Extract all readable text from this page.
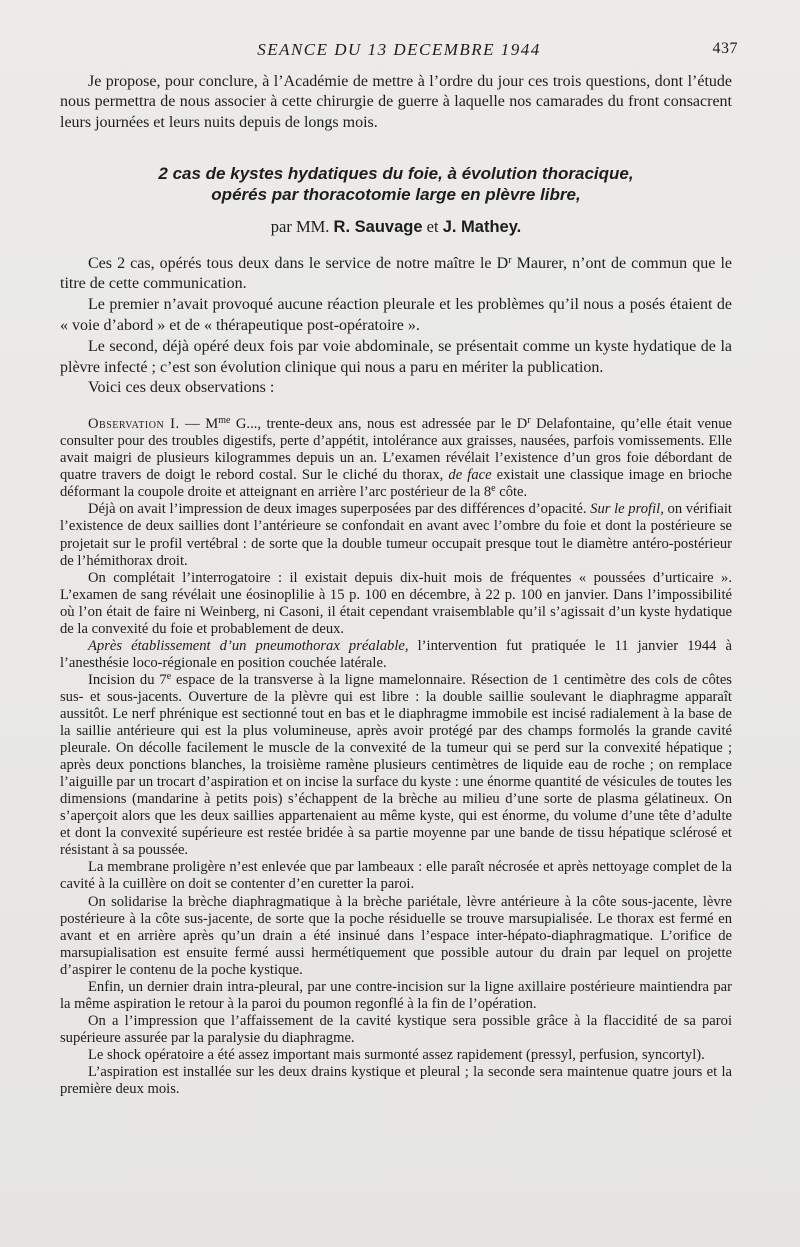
SEANCE DU 13 DECEMBRE 1944	437

Je propose, pour conclure, à l’Académie de mettre à l’ordre du jour ces trois questions, dont l’étude nous permettra de nous associer à cette chirurgie de guerre à laquelle nos camarades du front consacrent leurs journées et leurs nuits depuis de longs mois.

2 cas de kystes hydatiques du foie, à évolution thoracique,
opérés par thoracotomie large en plèvre libre,
par MM. R. Sauvage et J. Mathey.

Ces 2 cas, opérés tous deux dans le service de notre maître le $D^r$ Maurer, n’ont de commun que le titre de cette communication.

Le premier n’avait provoqué aucune réaction pleurale et les problèmes qu’il nous a posés étaient de « voie d’abord » et de « thérapeutique post-opératoire ».

Le second, déjà opéré deux fois par voie abdominale, se présentait comme un kyste hydatique de la plèvre infecté ; c’est son évolution clinique qui nous a paru en mériter la publication.

Voici ces deux observations :

Observation I. — $M^{me}$ G..., trente-deux ans, nous est adressée par le $D^r$ Delafontaine, qu’elle était venue consulter pour des troubles digestifs, perte d’appétit, intolérance aux graisses, nausées, parfois vomissements. Elle avait maigri de plusieurs kilogrammes depuis un an. L’examen révélait l’existence d’un gros foie débordant de quatre travers de doigt le rebord costal. Sur le cliché du thorax, de face existait une classique image en brioche déformant la coupole droite et atteignant en arrière l’arc postérieur de la 8e côte.

Déjà on avait l’impression de deux images superposées par des différences d’opacité. Sur le profil, on vérifiait l’existence de deux saillies dont l’antérieure se confondait en avant avec l’ombre du foie et dont la postérieure se projetait sur le profil vertébral : de sorte que la double tumeur occupait presque tout le diamètre antéro-postérieur de l’hémithorax droit.

On complétait l’interrogatoire : il existait depuis dix-huit mois de fréquentes « poussées d’urticaire ». L’examen de sang révélait une éosinoplilie à 15 p. 100 en décembre, à 22 p. 100 en janvier. Dans l’impossibilité où l’on était de faire ni Weinberg, ni Casoni, il était cependant vraisemblable qu’il s’agissait d’un kyste hydatique de la convexité du foie et probablement de deux.

Après établissement d’un pneumothorax préalable, l’intervention fut pratiquée le 11 janvier 1944 à l’anesthésie loco-régionale en position couchée latérale.

Incision du 7e espace de la transverse à la ligne mamelonnaire. Résection de 1 centimètre des cols de côtes sus- et sous-jacents. Ouverture de la plèvre qui est libre : la double saillie soulevant le diaphragme apparaît aussitôt. Le nerf phrénique est sectionné tout en bas et le diaphragme immobile est incisé radialement à la base de la saillie antérieure qui est la plus volumineuse, après avoir protégé par des champs formolés la grande cavité pleurale. On décolle facilement le muscle de la convexité de la tumeur qui se perd sur la convexité hépatique ; après deux ponctions blanches, la troisième ramène plusieurs centimètres de liquide eau de roche ; on remplace l’aiguille par un trocart d’aspiration et on incise la surface du kyste : une énorme quantité de vésicules de toutes les dimensions (mandarine à petits pois) s’échappent de la brèche au milieu d’une sorte de plasma gélatineux. On s’aperçoit alors que les deux saillies appartenaient au même kyste, qui est énorme, du volume d’une tête d’adulte et dont la convexité supérieure est restée bridée à sa partie moyenne par une bande de tissu hépatique sclérosé et résistant à sa poussée.

La membrane proligère n’est enlevée que par lambeaux : elle paraît nécrosée et après nettoyage complet de la cavité à la cuillère on doit se contenter d’en curetter la paroi.

On solidarise la brèche diaphragmatique à la brèche pariétale, lèvre antérieure à la côte sous-jacente, lèvre postérieure à la côte sus-jacente, de sorte que la poche résiduelle se trouve marsupialisée. Le thorax est fermé en avant et en arrière après qu’un drain a été insinué dans l’espace inter-hépato-diaphragmatique. L’orifice de marsupialisation est ensuite fermé aussi hermétiquement que possible autour du drain par lequel on projette d’aspirer le contenu de la poche kystique.

Enfin, un dernier drain intra-pleural, par une contre-incision sur la ligne axillaire postérieure maintiendra par la même aspiration le retour à la paroi du poumon regonflé à la fin de l’opération.

On a l’impression que l’affaissement de la cavité kystique sera possible grâce à la flaccidité de sa paroi supérieure assurée par la paralysie du diaphragme.

Le shock opératoire a été assez important mais surmonté assez rapidement (pressyl, perfusion, syncortyl).

L’aspiration est installée sur les deux drains kystique et pleural ; la seconde sera maintenue quatre jours et la première deux mois.
